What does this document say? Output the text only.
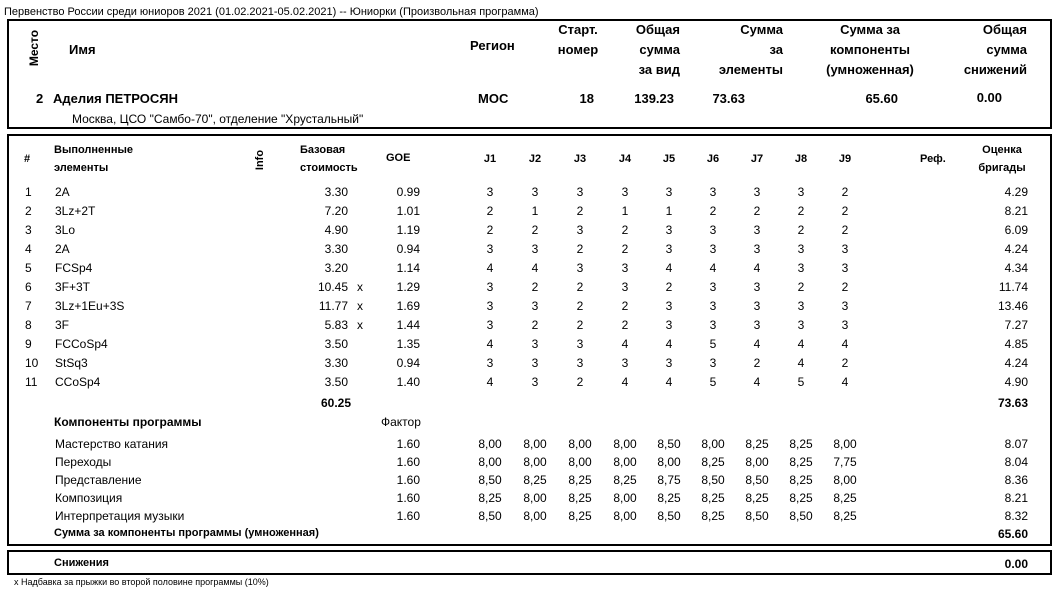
Первенство России среди юниоров 2021 (01.02.2021-05.02.2021) -- Юниорки (Произвольная программа)
Место Имя	Регион
Старт.
номер
Общая
сумма
за вид
Сумма
за
элементы
Сумма за
компоненты
(умноженная)
Общая
сумма
снижений
2 Аделия ПЕТРОСЯН	МОС	18	139.23	73.63	65.60	0.00
Москва, ЦСО "Самбо-70", отделение "Хрустальный"
#
Выполненные
элементы	Info	Базовая
стоимость
GOE	J1	J2	J3	J4	J5	J6	J7	J8	J9	Реф.
Оценка
бригады
1 2A	3.30	0.99	3	3	3	3	3	3	3	3	2	4.29
2 3Lz+2T	7.20	1.01	2	1	2	1	1	2	2	2	2	8.21
3 3Lo	4.90	1.19	2	2	3	2	3	3	3	2	2	6.09
4 2A	3.30	0.94	3	3	2	2	3	3	3	3	3	4.24
5 FCSp4	3.20	1.14	4	4	3	3	4	4	4	3	3	4.34
6 3F+3T	10.45 x	1.29	3	2	2	3	2	3	3	2	2	11.74
7 3Lz+1Eu+3S	11.77 x	1.69	3	3	2	2	3	3	3	3	3	13.46
8 3F	5.83 x	1.44	3	2	2	2	3	3	3	3	3	7.27
9 FCCoSp4	3.50	1.35	4	3	3	4	4	5	4	4	4	4.85
10 StSq3	3.30	0.94	3	3	3	3	3	3	2	4	2	4.24
11 CCoSp4	3.50	1.40	4	3	2	4	4	5	4	5	4	4.90
60.25	73.63
Компоненты программы	Фактор
Мастерство катания	1.60	8,00	8,00	8,00	8,00	8,50	8,00	8,25	8,25	8,00	8.07
Переходы	1.60	8,00	8,00	8,00	8,00	8,00	8,25	8,00	8,25	7,75	8.04
Представление	1.60	8,50	8,25	8,25	8,25	8,75	8,50	8,50	8,25	8,00	8.36
Композиция	1.60	8,25	8,00	8,25	8,00	8,25	8,25	8,25	8,25	8,25	8.21
Интерпретация музыки	1.60	8,50	8,00	8,25	8,00	8,50	8,25	8,50	8,50	8,25	8.32
Сумма за компоненты программы (умноженная)	65.60
Снижения	0.00
x Надбавка за прыжки во второй половине программы (10%)
